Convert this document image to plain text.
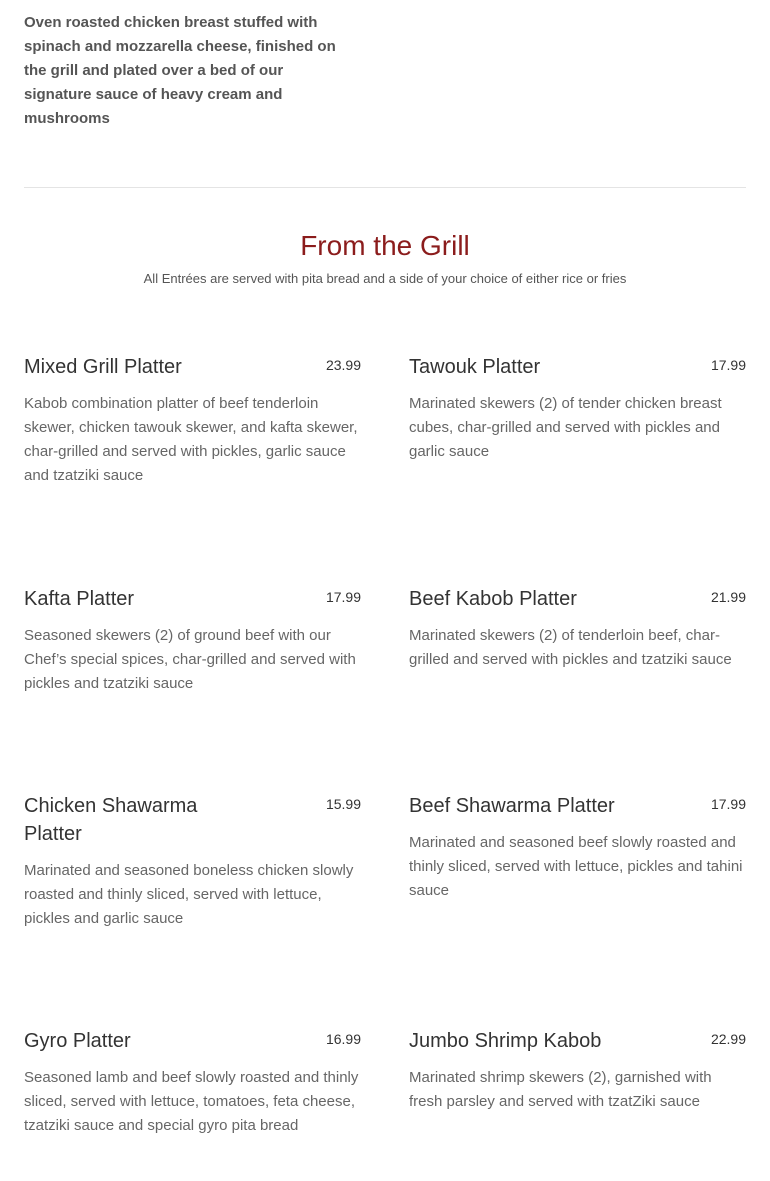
Oven roasted chicken breast stuffed with spinach and mozzarella cheese, finished on the grill and plated over a bed of our signature sauce of heavy cream and mushrooms
From the Grill
All Entrées are served with pita bread and a side of your choice of either rice or fries
Mixed Grill Platter	23.99
Kabob combination platter of beef tenderloin skewer, chicken tawouk skewer, and kafta skewer, char-grilled and served with pickles, garlic sauce and tzatziki sauce
Tawouk Platter	17.99
Marinated skewers (2) of tender chicken breast cubes, char-grilled and served with pickles and garlic sauce
Kafta Platter	17.99
Seasoned skewers (2) of ground beef with our Chef’s special spices, char-grilled and served with pickles and tzatziki sauce
Beef Kabob Platter	21.99
Marinated skewers (2) of tenderloin beef, char-grilled and served with pickles and tzatziki sauce
Chicken Shawarma Platter
15.99
Marinated and seasoned boneless chicken slowly roasted and thinly sliced, served with lettuce, pickles and garlic sauce
Beef Shawarma Platter	17.99
Marinated and seasoned beef slowly roasted and thinly sliced, served with lettuce, pickles and tahini sauce
Gyro Platter	16.99
Seasoned lamb and beef slowly roasted and thinly sliced, served with lettuce, tomatoes, feta cheese, tzatziki sauce and special gyro pita bread
Jumbo Shrimp Kabob	22.99
Marinated shrimp skewers (2), garnished with fresh parsley and served with tzatZiki sauce
